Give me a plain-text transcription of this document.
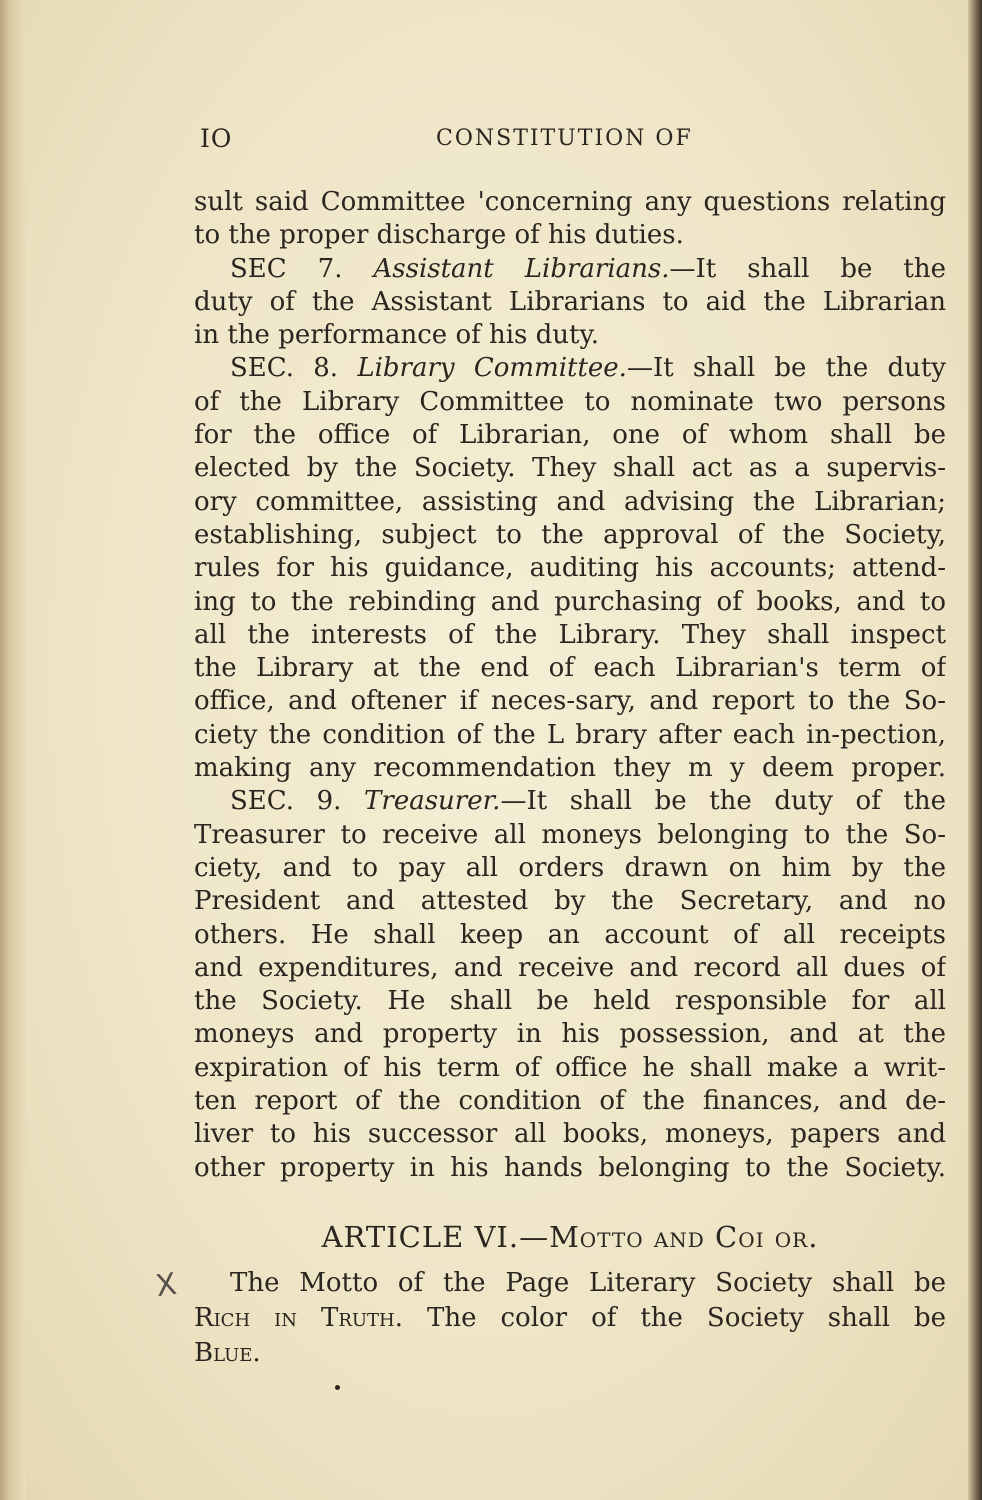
IO	CONSTITUTION OF
sult said Committee 'concerning any questions relating
to the proper discharge of his duties.
SEC 7. Assistant Librarians.—It shall be the
duty of the Assistant Librarians to aid the Librarian
in the performance of his duty.
SEC. 8. Library Committee.—It shall be the duty
of the Library Committee to nominate two persons
for the office of Librarian, one of whom shall be
elected by the Society. They shall act as a supervis-
ory committee, assisting and advising the Librarian;
establishing, subject to the approval of the Society,
rules for his guidance, auditing his accounts; attend-
ing to the rebinding and purchasing of books, and to
all the interests of the Library. They shall inspect
the Library at the end of each Librarian's term of
office, and oftener if neces-sary, and report to the So-
ciety the condition of the L brary after each in-pection,
making any recommendation they m y deem proper.
SEC. 9. Treasurer.—It shall be the duty of the
Treasurer to receive all moneys belonging to the So-
ciety, and to pay all orders drawn on him by the
President and attested by the Secretary, and no
others. He shall keep an account of all receipts
and expenditures, and receive and record all dues of
the Society. He shall be held responsible for all
moneys and property in his possession, and at the
expiration of his term of office he shall make a writ-
ten report of the condition of the finances, and de-
liver to his successor all books, moneys, papers and
other property in his hands belonging to the Society.
ARTICLE VI.—Motto and Coi or.
X	The Motto of the Page Literary Society shall be
Rich in Truth. The color of the Society shall be
Blue.
